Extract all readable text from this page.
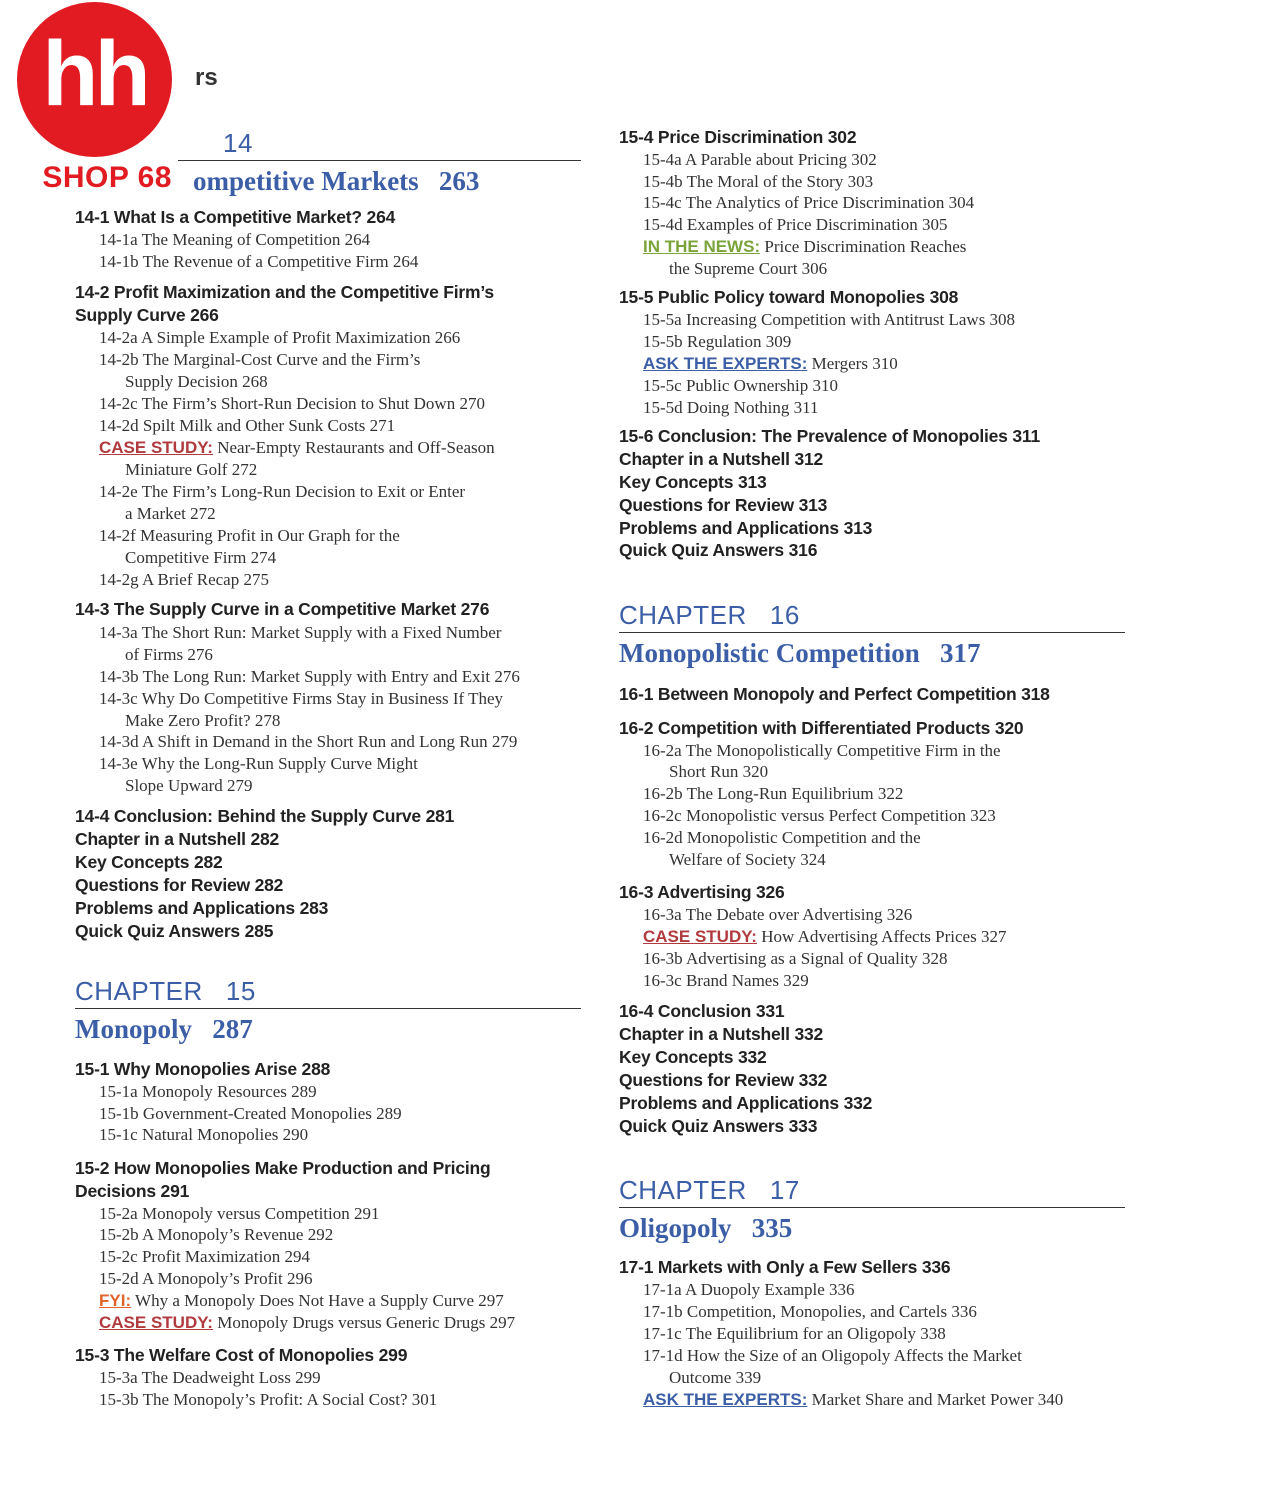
rs
14
ompetitive Markets   263
14-1 What Is a Competitive Market? 264
14-1a The Meaning of Competition 264
14-1b The Revenue of a Competitive Firm 264
14-2 Profit Maximization and the Competitive Firm’s
Supply Curve 266
14-2a A Simple Example of Profit Maximization 266
14-2b The Marginal-Cost Curve and the Firm’s
Supply Decision 268
14-2c The Firm’s Short-Run Decision to Shut Down 270
14-2d Spilt Milk and Other Sunk Costs 271
CASE STUDY: Near-Empty Restaurants and Off-Season
Miniature Golf 272
14-2e The Firm’s Long-Run Decision to Exit or Enter
a Market 272
14-2f Measuring Profit in Our Graph for the
Competitive Firm 274
14-2g A Brief Recap 275
14-3 The Supply Curve in a Competitive Market 276
14-3a The Short Run: Market Supply with a Fixed Number
of Firms 276
14-3b The Long Run: Market Supply with Entry and Exit 276
14-3c Why Do Competitive Firms Stay in Business If They
Make Zero Profit? 278
14-3d A Shift in Demand in the Short Run and Long Run 279
14-3e Why the Long-Run Supply Curve Might
Slope Upward 279
14-4 Conclusion: Behind the Supply Curve 281
Chapter in a Nutshell 282
Key Concepts 282
Questions for Review 282
Problems and Applications 283
Quick Quiz Answers 285
CHAPTER   15
Monopoly   287
15-1 Why Monopolies Arise 288
15-1a Monopoly Resources 289
15-1b Government-Created Monopolies 289
15-1c Natural Monopolies 290
15-2 How Monopolies Make Production and Pricing
Decisions 291
15-2a Monopoly versus Competition 291
15-2b A Monopoly’s Revenue 292
15-2c Profit Maximization 294
15-2d A Monopoly’s Profit 296
FYI: Why a Monopoly Does Not Have a Supply Curve 297
CASE STUDY: Monopoly Drugs versus Generic Drugs 297
15-3 The Welfare Cost of Monopolies 299
15-3a The Deadweight Loss 299
15-3b The Monopoly’s Profit: A Social Cost? 301
15-4 Price Discrimination 302
15-4a A Parable about Pricing 302
15-4b The Moral of the Story 303
15-4c The Analytics of Price Discrimination 304
15-4d Examples of Price Discrimination 305
IN THE NEWS: Price Discrimination Reaches
the Supreme Court 306
15-5 Public Policy toward Monopolies 308
15-5a Increasing Competition with Antitrust Laws 308
15-5b Regulation 309
ASK THE EXPERTS: Mergers 310
15-5c Public Ownership 310
15-5d Doing Nothing 311
15-6 Conclusion: The Prevalence of Monopolies 311
Chapter in a Nutshell 312
Key Concepts 313
Questions for Review 313
Problems and Applications 313
Quick Quiz Answers 316
CHAPTER   16
Monopolistic Competition   317
16-1 Between Monopoly and Perfect Competition 318
16-2 Competition with Differentiated Products 320
16-2a The Monopolistically Competitive Firm in the
Short Run 320
16-2b The Long-Run Equilibrium 322
16-2c Monopolistic versus Perfect Competition 323
16-2d Monopolistic Competition and the
Welfare of Society 324
16-3 Advertising 326
16-3a The Debate over Advertising 326
CASE STUDY: How Advertising Affects Prices 327
16-3b Advertising as a Signal of Quality 328
16-3c Brand Names 329
16-4 Conclusion 331
Chapter in a Nutshell 332
Key Concepts 332
Questions for Review 332
Problems and Applications 332
Quick Quiz Answers 333
CHAPTER   17
Oligopoly   335
17-1 Markets with Only a Few Sellers 336
17-1a A Duopoly Example 336
17-1b Competition, Monopolies, and Cartels 336
17-1c The Equilibrium for an Oligopoly 338
17-1d How the Size of an Oligopoly Affects the Market
Outcome 339
ASK THE EXPERTS: Market Share and Market Power 340
hh
SHOP 68
